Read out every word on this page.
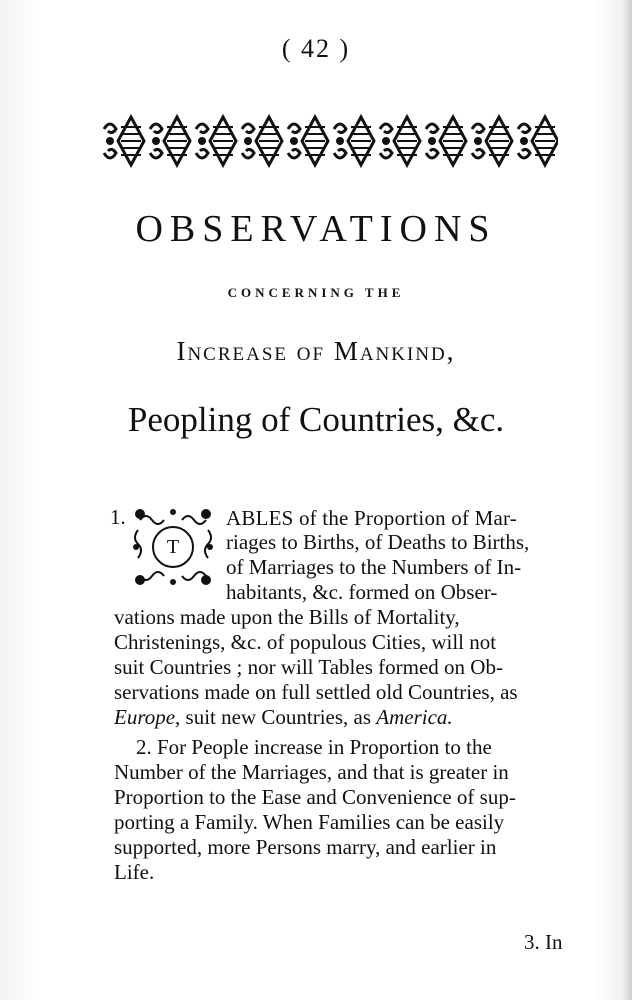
( 42 )
OBSERVATIONS
CONCERNING THE
Increase of Mankind,
Peopling of Countries, &c.
1.
T
ABLES of the Proportion of Mar-
riages to Births, of Deaths to Births,
of Marriages to the Numbers of In-
habitants, &c. formed on Obser-
vations made upon the Bills of Mortality,
Christenings, &c. of populous Cities, will not
suit Countries ; nor will Tables formed on Ob-
servations made on full settled old Countries, as
Europe, suit new Countries, as America.
2. For People increase in Proportion to the
Number of the Marriages, and that is greater in
Proportion to the Ease and Convenience of sup-
porting a Family. When Families can be easily
supported, more Persons marry, and earlier in
Life.
3. In
